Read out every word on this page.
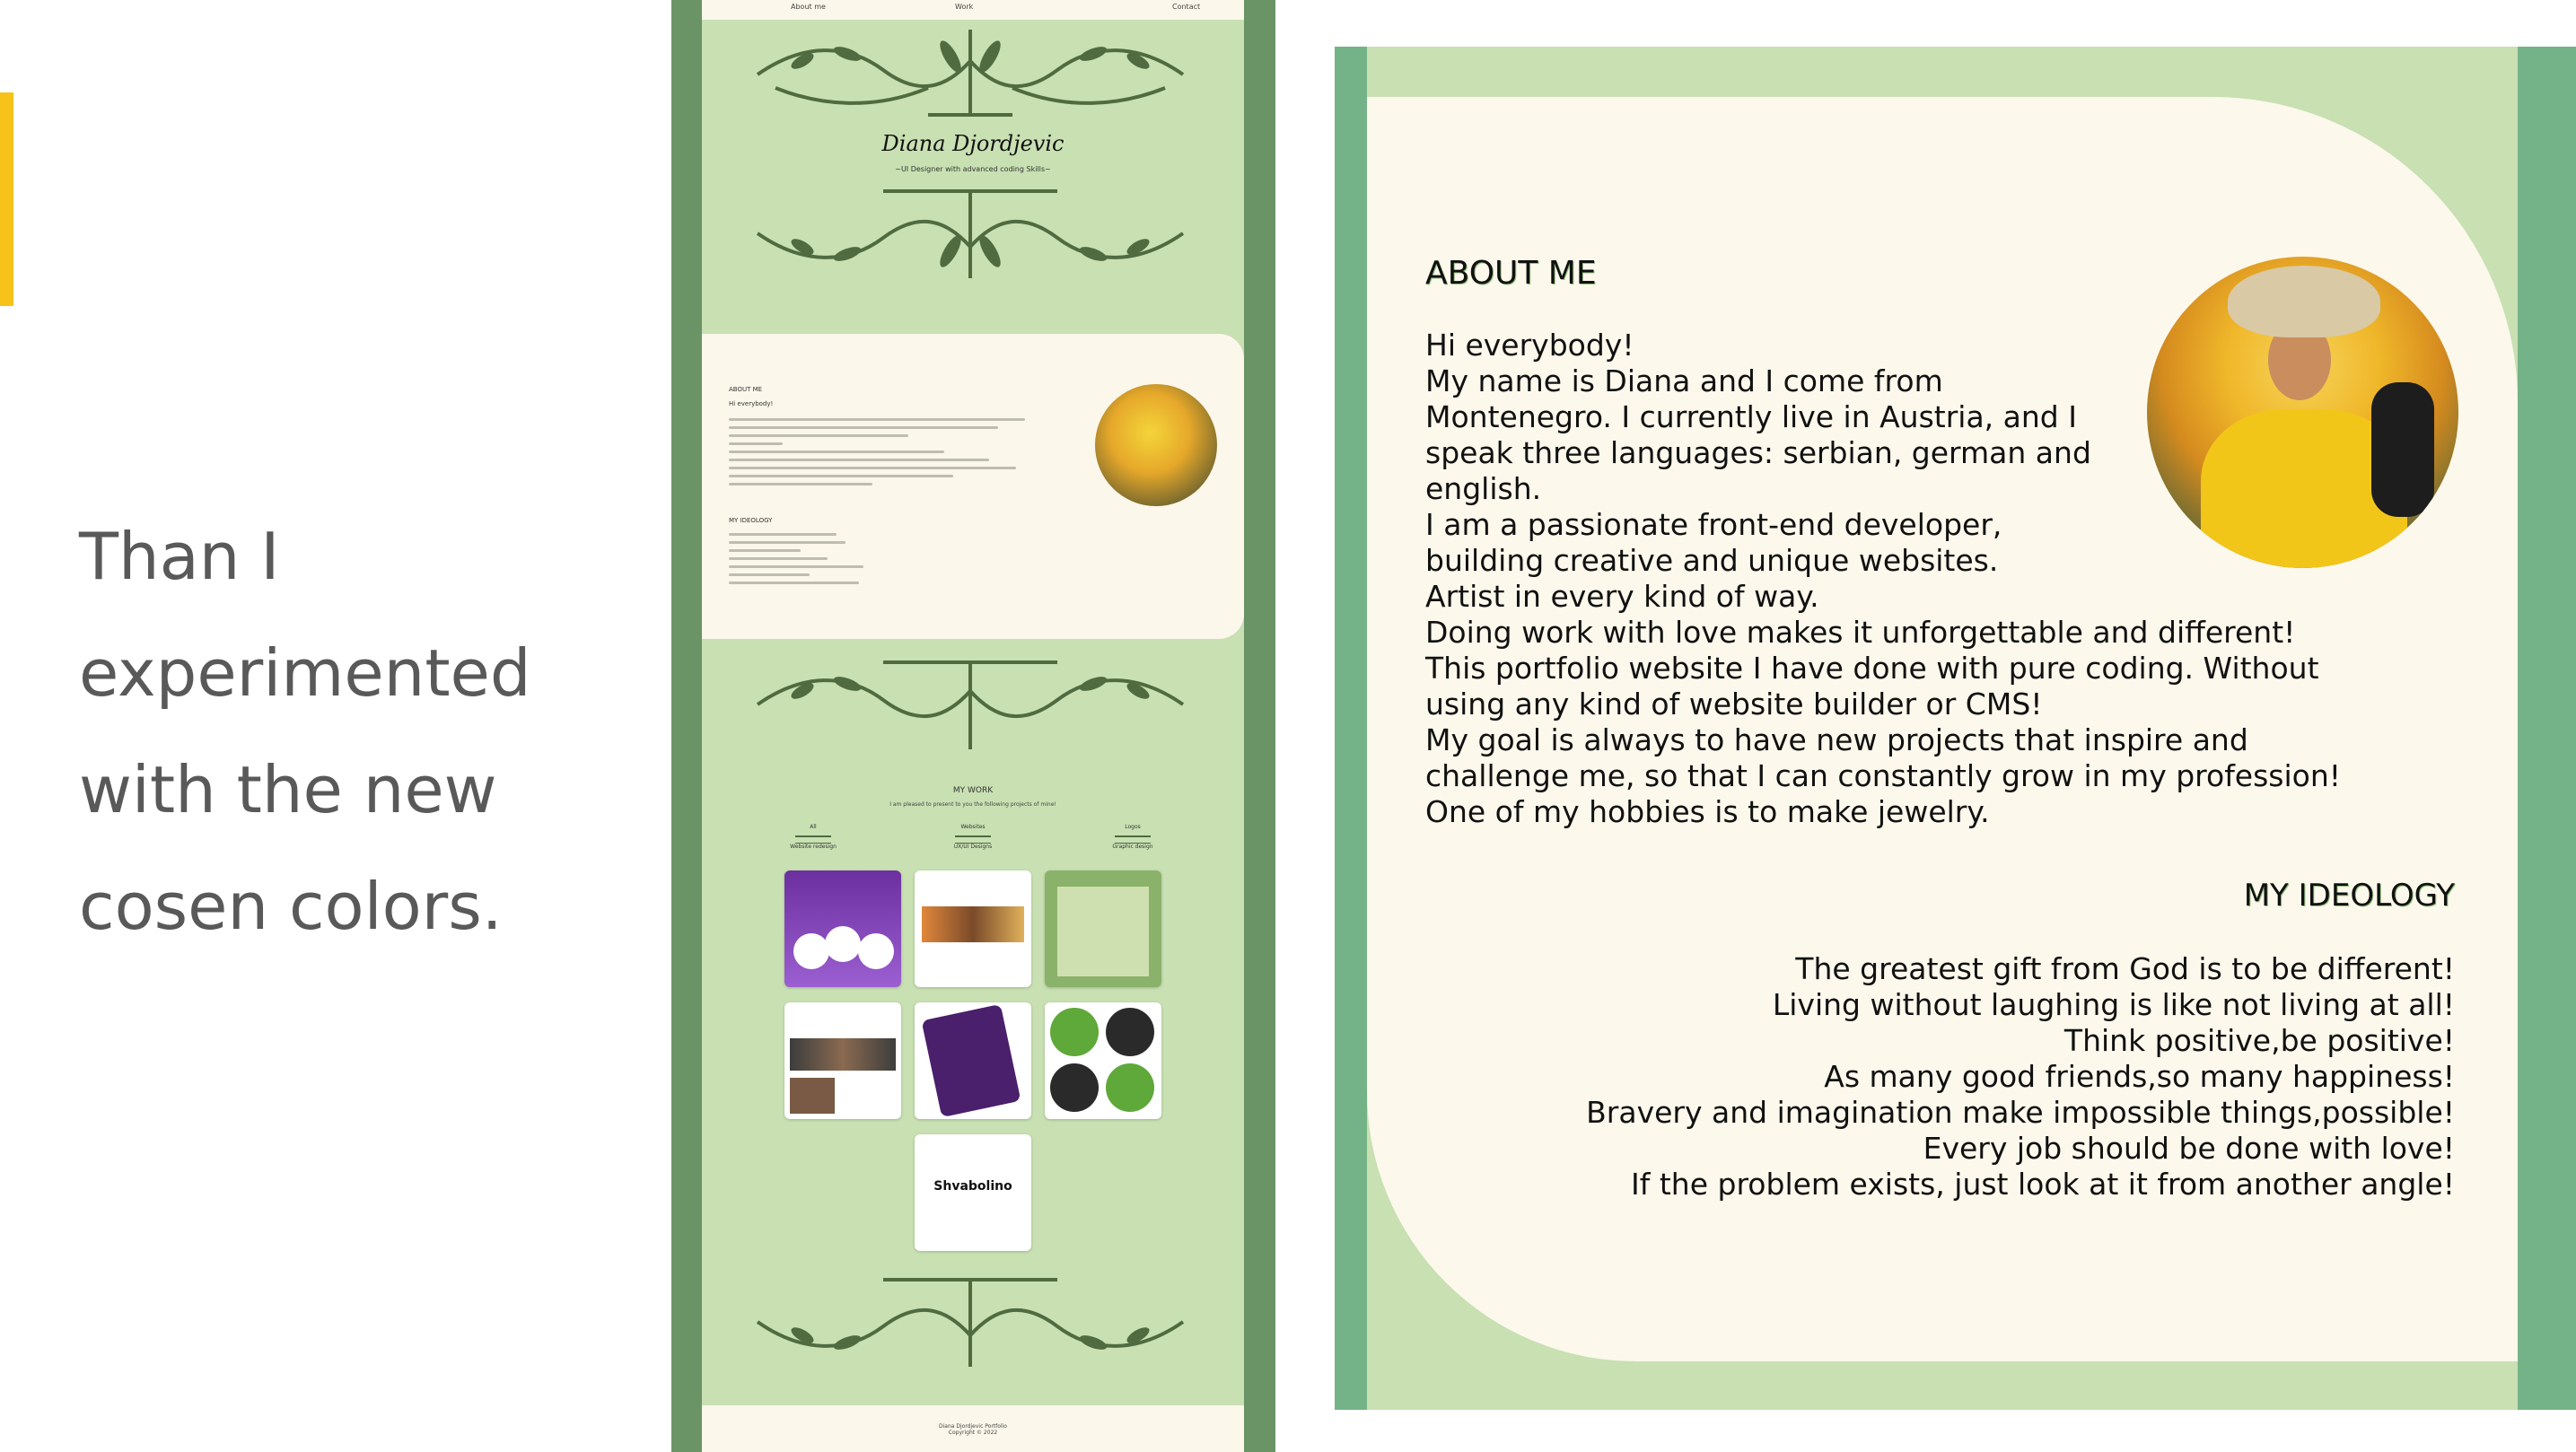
Than I
experimented
with the new
cosen colors.
About me	Work	Contact
Diana Djordjevic
~UI Designer with advanced coding Skills~
ABOUT ME
Hi everybody!
MY IDEOLOGY
MY WORK
I am pleased to present to you the following projects of mine!
All
Website redesign
Websites
UX/UI Designs
Logos
Graphic design
Shvabolino
Diana Djordjevic Portfolio
Copyright © 2022
ABOUT ME
Hi everybody!
My name is Diana and I come from
Montenegro. I currently live in Austria, and I
speak three languages: serbian, german and
english.
I am a passionate front-end developer,
building creative and unique websites.
Artist in every kind of way.
Doing work with love makes it unforgettable and different!
This portfolio website I have done with pure coding. Without
using any kind of website builder or CMS!
My goal is always to have new projects that inspire and
challenge me, so that I can constantly grow in my profession!
One of my hobbies is to make jewelry.
MY IDEOLOGY
The greatest gift from God is to be different!
Living without laughing is like not living at all!
Think positive,be positive!
As many good friends,so many happiness!
Bravery and imagination make impossible things,possible!
Every job should be done with love!
If the problem exists, just look at it from another angle!
